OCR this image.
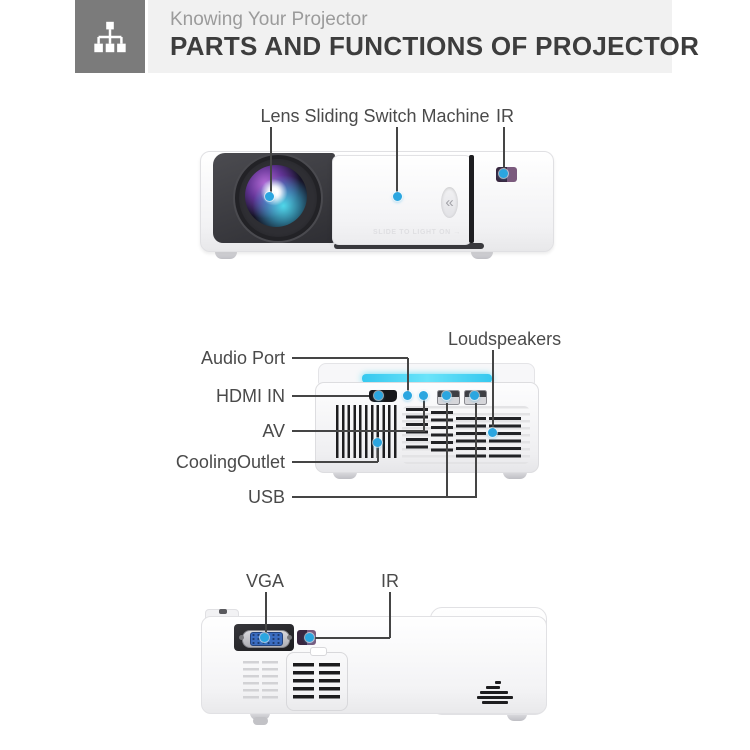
Knowing Your Projector
PARTS AND FUNCTIONS OF PROJECTOR
Lens Sliding Switch Machine IR
«
SLIDE TO LIGHT ON →
Audio Port
HDMI IN
AV
CoolingOutlet
USB
Loudspeakers
VGA	IR
